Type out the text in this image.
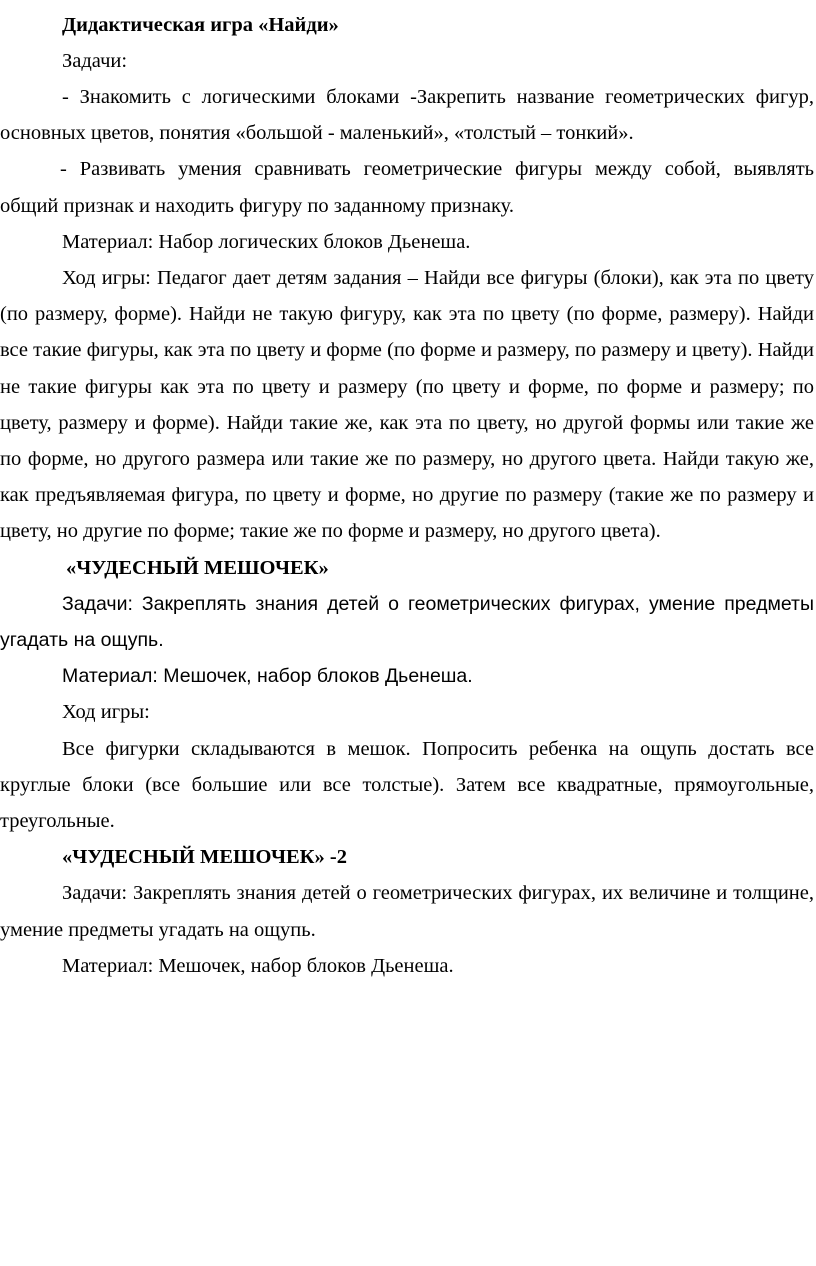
Дидактическая игра «Найди»

Задачи:

- Знакомить с логическими блоками -Закрепить название геометрических фигур, основных цветов, понятия «большой - маленький», «толстый – тонкий».

- Развивать умения сравнивать геометрические фигуры между собой, выявлять общий признак и находить фигуру по заданному признаку.

Материал: Набор логических блоков Дьенеша.

Ход игры: Педагог дает детям задания – Найди все фигуры (блоки), как эта по цвету (по размеру, форме). Найди не такую фигуру, как эта по цвету (по форме, размеру). Найди все такие фигуры, как эта по цвету и форме (по форме и размеру, по размеру и цвету). Найди не такие фигуры как эта по цвету и размеру (по цвету и форме, по форме и размеру; по цвету, размеру и форме). Найди такие же, как эта по цвету, но другой формы или такие же по форме, но другого размера или такие же по размеру, но другого цвета. Найди такую же, как предъявляемая фигура, по цвету и форме, но другие по размеру (такие же по размеру и цвету, но другие по форме; такие же по форме и размеру, но другого цвета).

«ЧУДЕСНЫЙ МЕШОЧЕК»

Задачи: Закреплять знания детей о геометрических фигурах, умение предметы угадать на ощупь.

Материал: Мешочек, набор блоков Дьенеша.

Ход игры:

Все фигурки складываются в мешок. Попросить ребенка на ощупь достать все круглые блоки (все большие или все толстые). Затем все квадратные, прямоугольные, треугольные.

«ЧУДЕСНЫЙ МЕШОЧЕК» -2

Задачи: Закреплять знания детей о геометрических фигурах, их величине и толщине, умение предметы угадать на ощупь.

Материал: Мешочек, набор блоков Дьенеша.
